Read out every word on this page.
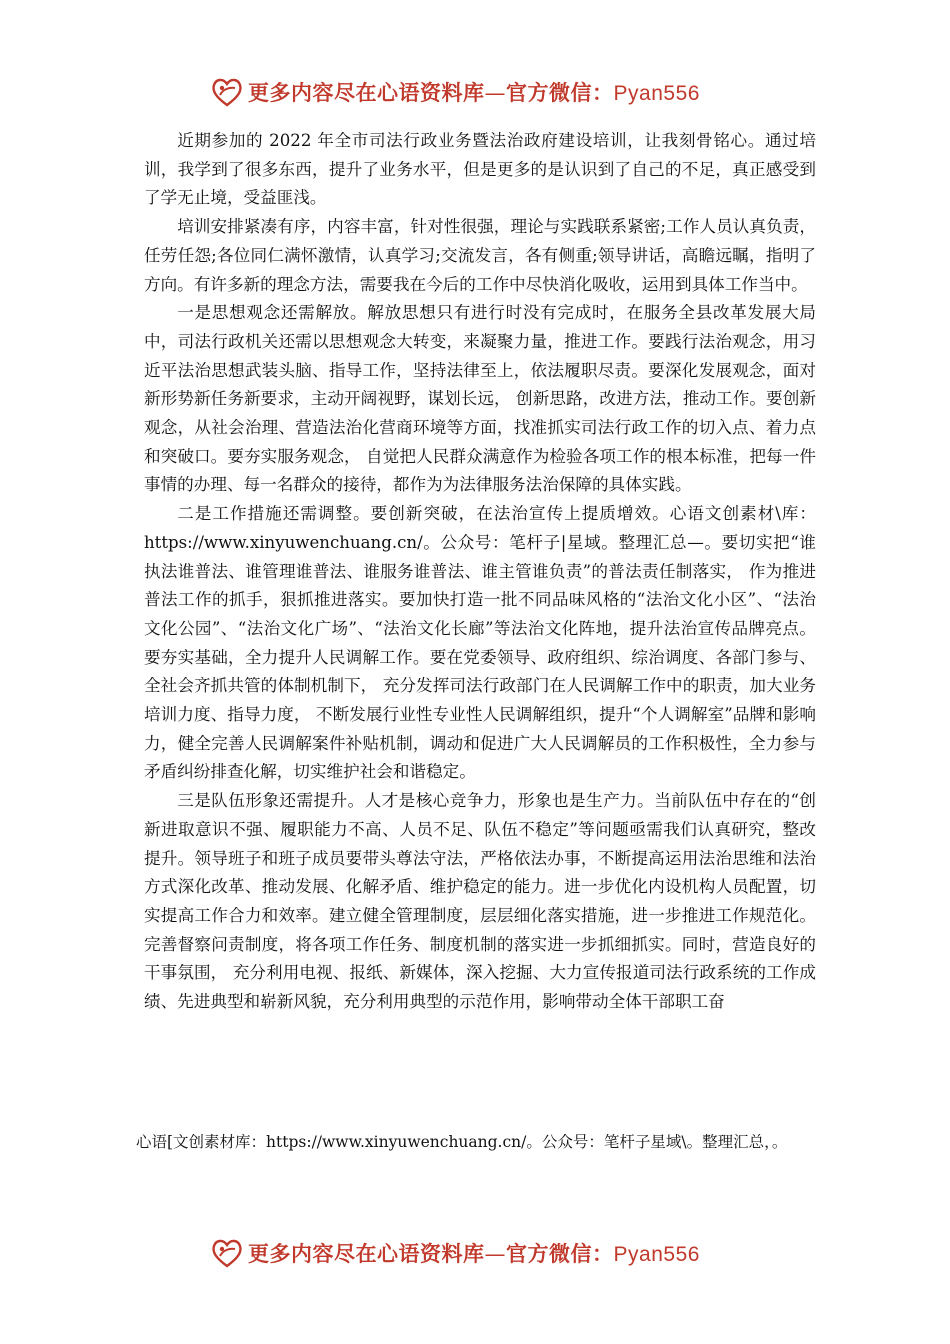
更多内容尽在心语资料库—官方微信：Pyan556

近期参加的 2022 年全市司法行政业务暨法治政府建设培训，让我刻骨铭心。通过培训，我学到了很多东西，提升了业务水平，但是更多的是认识到了自己的不足，真正感受到了学无止境，受益匪浅。

培训安排紧凑有序，内容丰富，针对性很强，理论与实践联系紧密;工作人员认真负责，任劳任怨;各位同仁满怀激情，认真学习;交流发言，各有侧重;领导讲话，高瞻远瞩，指明了方向。有许多新的理念方法，需要我在今后的工作中尽快消化吸收，运用到具体工作当中。

一是思想观念还需解放。解放思想只有进行时没有完成时，在服务全县改革发展大局中，司法行政机关还需以思想观念大转变，来凝聚力量，推进工作。要践行法治观念，用习近平法治思想武装头脑、指导工作，坚持法律至上，依法履职尽责。要深化发展观念，面对新形势新任务新要求，主动开阔视野，谋划长远， 创新思路，改进方法，推动工作。要创新观念，从社会治理、营造法治化营商环境等方面，找准抓实司法行政工作的切入点、着力点和突破口。要夯实服务观念， 自觉把人民群众满意作为检验各项工作的根本标准，把每一件事情的办理、每一名群众的接待，都作为为法律服务法治保障的具体实践。

二是工作措施还需调整。要创新突破，在法治宣传上提质增效。心语文创素材\库：https://www.xinyuwenchuang.cn/。公众号：笔杆子|星域。整理汇总—。要切实把“谁执法谁普法、谁管理谁普法、谁服务谁普法、谁主管谁负责”的普法责任制落实， 作为推进普法工作的抓手，狠抓推进落实。要加快打造一批不同品味风格的“法治文化小区”、“法治文化公园”、“法治文化广场”、“法治文化长廊”等法治文化阵地，提升法治宣传品牌亮点。要夯实基础，全力提升人民调解工作。要在党委领导、政府组织、综治调度、各部门参与、全社会齐抓共管的体制机制下， 充分发挥司法行政部门在人民调解工作中的职责，加大业务培训力度、指导力度， 不断发展行业性专业性人民调解组织，提升“个人调解室”品牌和影响力，健全完善人民调解案件补贴机制，调动和促进广大人民调解员的工作积极性，全力参与矛盾纠纷排查化解，切实维护社会和谐稳定。

三是队伍形象还需提升。人才是核心竞争力，形象也是生产力。当前队伍中存在的“创新进取意识不强、履职能力不高、人员不足、队伍不稳定”等问题亟需我们认真研究，整改提升。领导班子和班子成员要带头尊法守法，严格依法办事，不断提高运用法治思维和法治方式深化改革、推动发展、化解矛盾、维护稳定的能力。进一步优化内设机构人员配置，切实提高工作合力和效率。建立健全管理制度，层层细化落实措施，进一步推进工作规范化。完善督察问责制度，将各项工作任务、制度机制的落实进一步抓细抓实。同时，营造良好的干事氛围， 充分利用电视、报纸、新媒体，深入挖掘、大力宣传报道司法行政系统的工作成绩、先进典型和崭新风貌，充分利用典型的示范作用，影响带动全体干部职工奋

心语[文创素材库：https://www.xinyuwenchuang.cn/。公众号：笔杆子星域\。整理汇总，。
更多内容尽在心语资料库—官方微信：Pyan556
